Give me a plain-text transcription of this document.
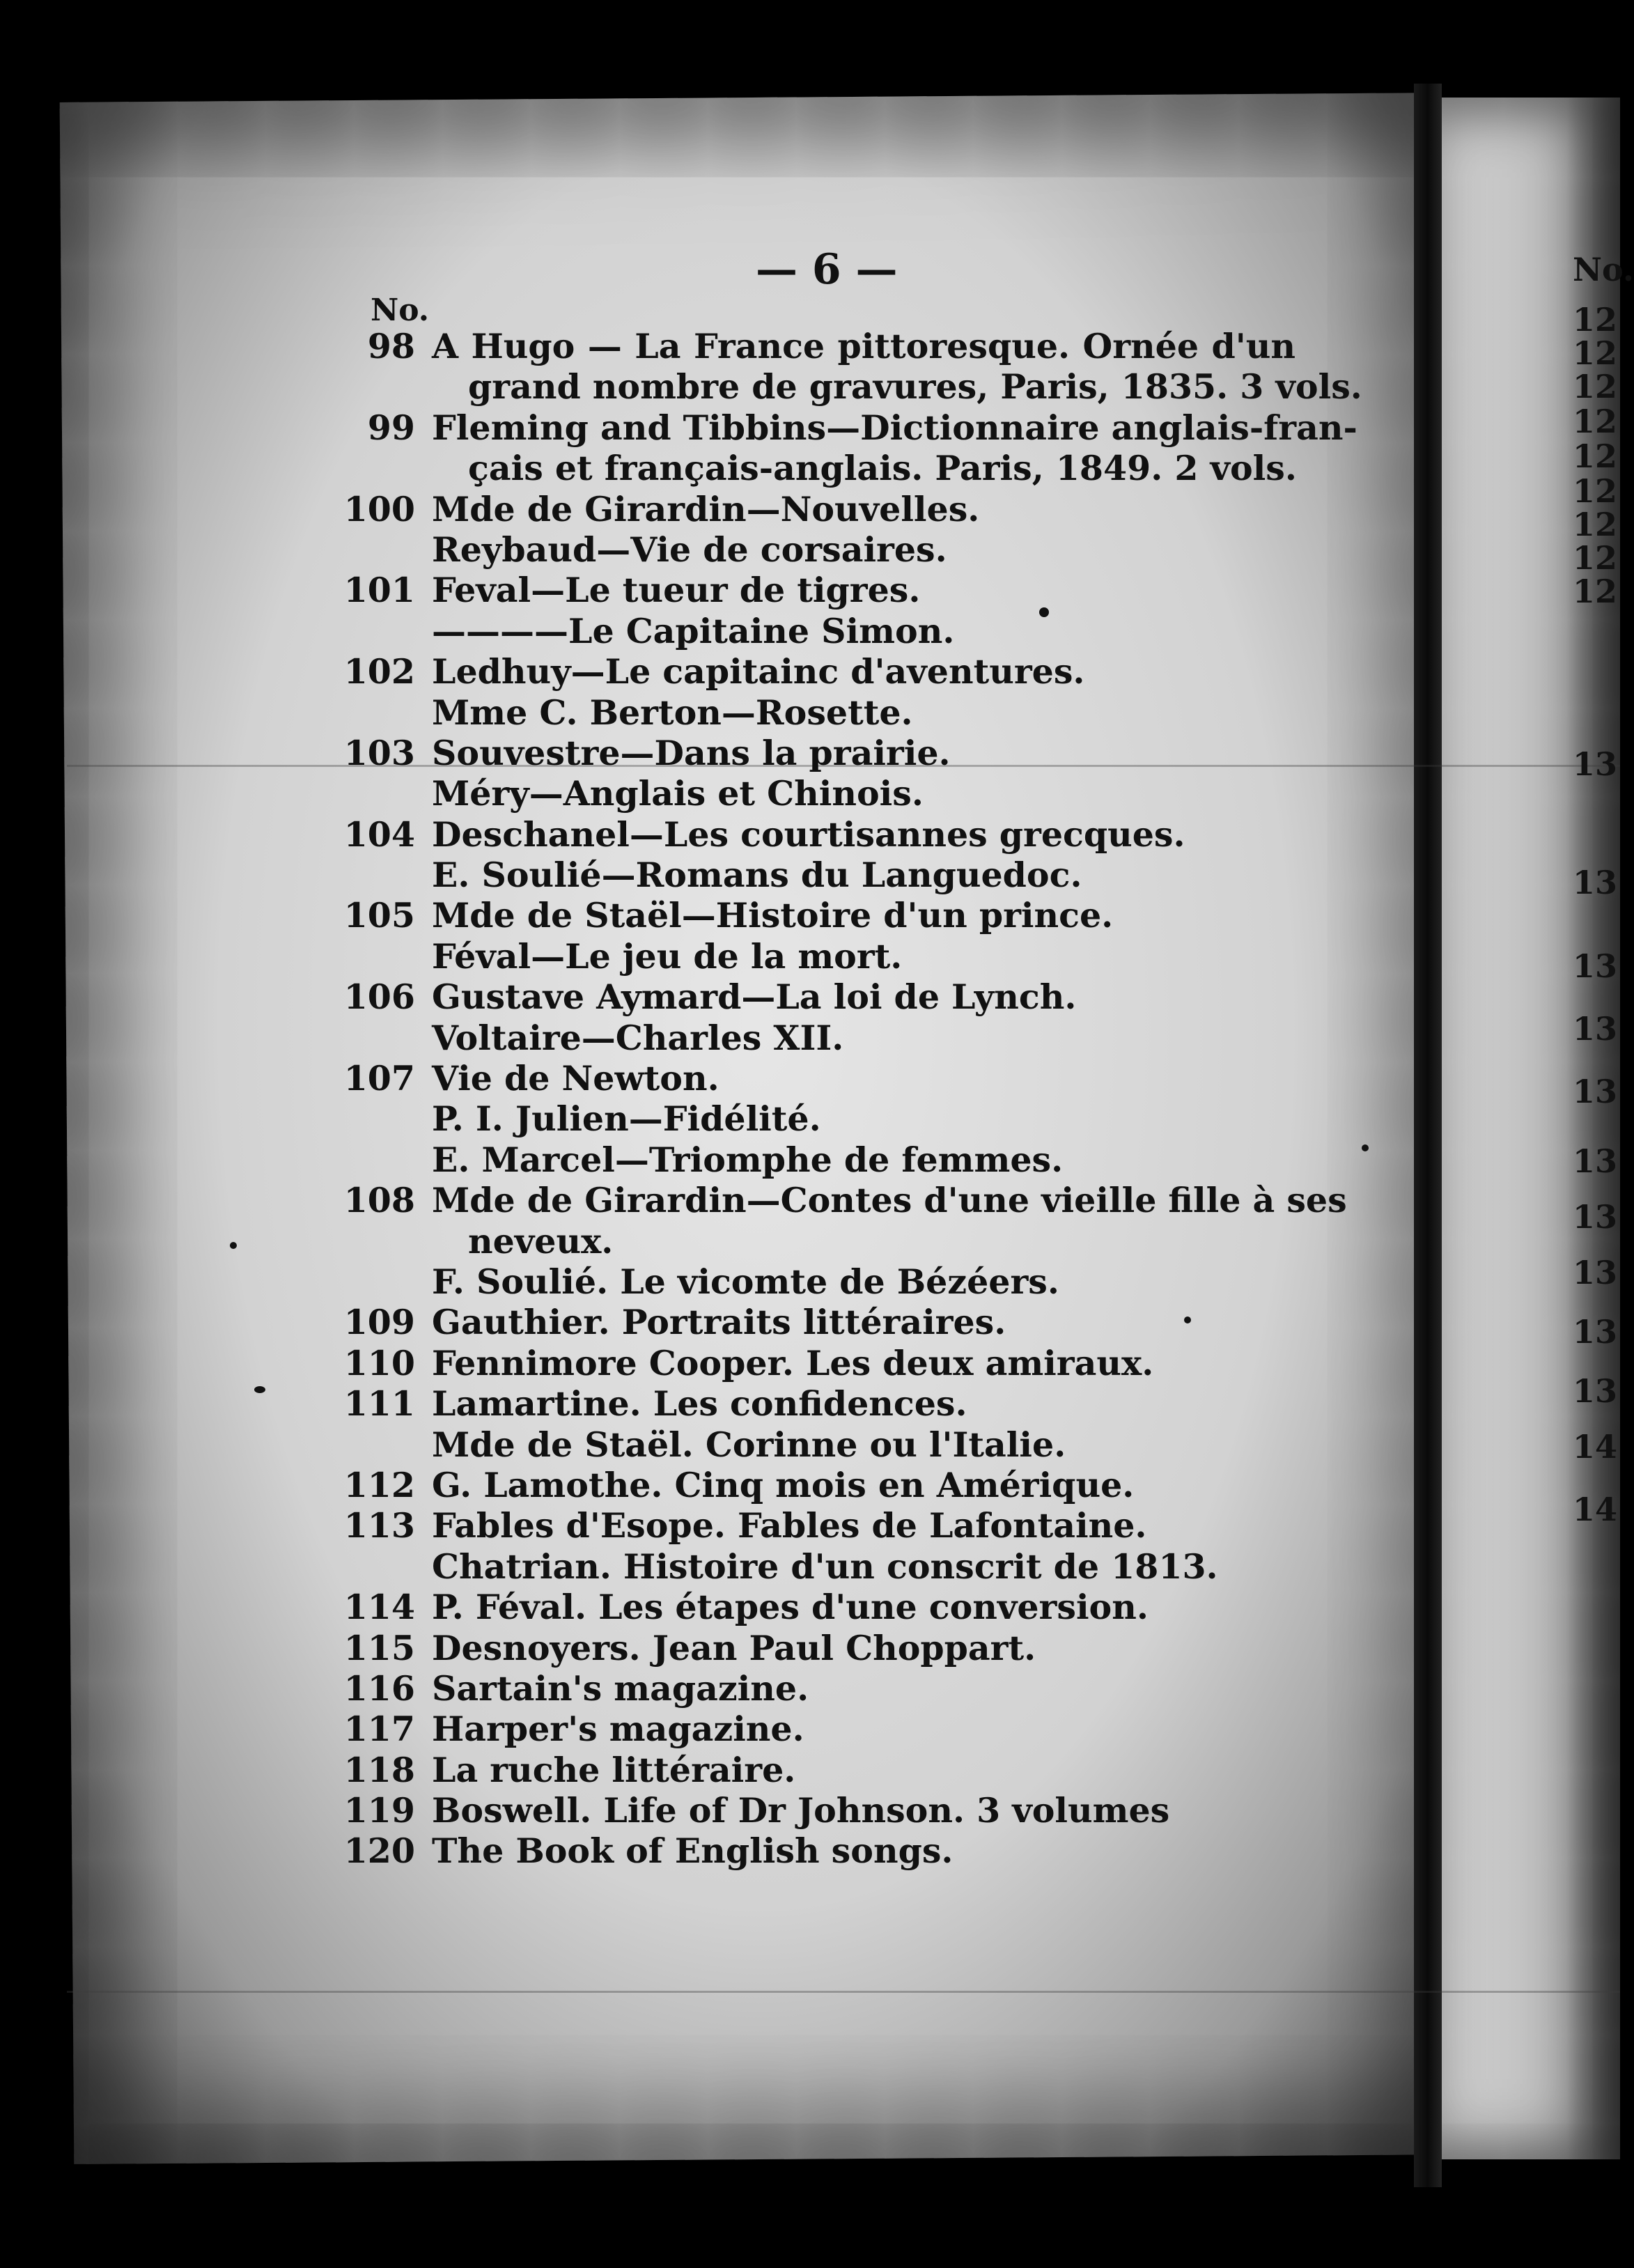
— 6 —
No.
98 A Hugo — La France pittoresque. Ornée d'un
grand nombre de gravures, Paris, 1835. 3 vols.
99 Fleming and Tibbins—Dictionnaire anglais-fran-
çais et français-anglais. Paris, 1849. 2 vols.
100 Mde de Girardin—Nouvelles.
Reybaud—Vie de corsaires.
101 Feval—Le tueur de tigres.
————Le Capitaine Simon.
102 Ledhuy—Le capitainc d'aventures.
Mme C. Berton—Rosette.
103 Souvestre—Dans la prairie.
Méry—Anglais et Chinois.
104 Deschanel—Les courtisannes grecques.
E. Soulié—Romans du Languedoc.
105 Mde de Staël—Histoire d'un prince.
Féval—Le jeu de la mort.
106 Gustave Aymard—La loi de Lynch.
Voltaire—Charles XII.
107 Vie de Newton.
P. I. Julien—Fidélité.
E. Marcel—Triomphe de femmes.
108 Mde de Girardin—Contes d'une vieille fille à ses
neveux.
F. Soulié. Le vicomte de Bézéers.
109 Gauthier. Portraits littéraires.
110 Fennimore Cooper. Les deux amiraux.
111 Lamartine. Les confidences.
Mde de Staël. Corinne ou l'Italie.
112 G. Lamothe. Cinq mois en Amérique.
113 Fables d'Esope. Fables de Lafontaine.
Chatrian. Histoire d'un conscrit de 1813.
114 P. Féval. Les étapes d'une conversion.
115 Desnoyers. Jean Paul Choppart.
116 Sartain's magazine.
117 Harper's magazine.
118 La ruche littéraire.
119 Boswell. Life of Dr Johnson. 3 volumes
120 The Book of English songs.
No.
12
12
12
12
12
12
12
12
12
13
13
13
13
13
13
13
13
13
13
14
14
